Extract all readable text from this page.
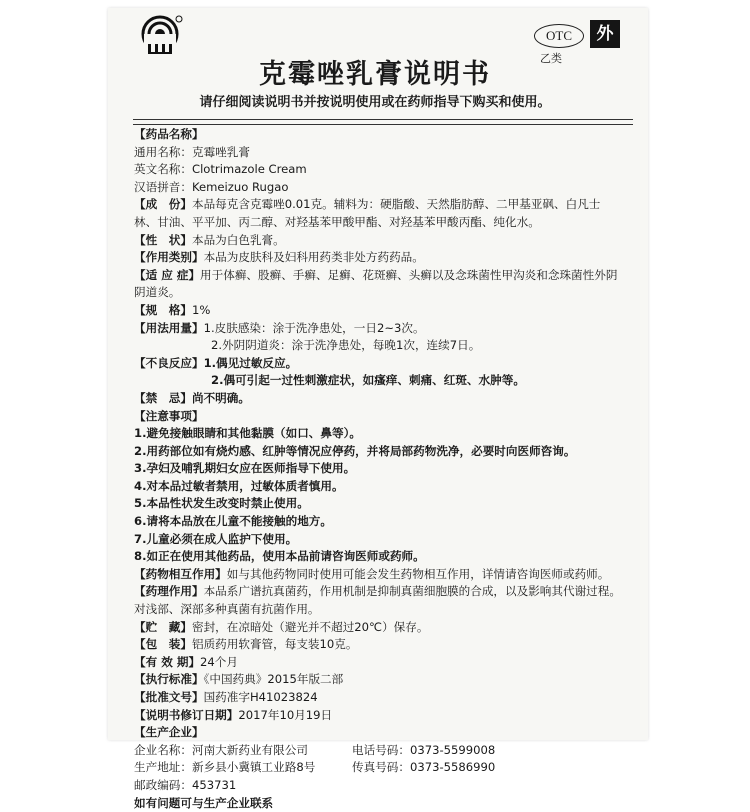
OTC
乙类
外
克霉唑乳膏说明书
请仔细阅读说明书并按说明使用或在药师指导下购买和使用。
【药品名称】
通用名称：克霉唑乳膏
英文名称：Clotrimazole Cream
汉语拼音：Kemeizuo Rugao
【成　份】本品每克含克霉唑0.01克。辅料为：硬脂酸、天然脂肪醇、二甲基亚砜、白凡士
林、甘油、平平加、丙二醇、对羟基苯甲酸甲酯、对羟基苯甲酸丙酯、纯化水。
【性　状】本品为白色乳膏。
【作用类别】本品为皮肤科及妇科用药类非处方药药品。
【适 应 症】用于体癣、股癣、手癣、足癣、花斑癣、头癣以及念珠菌性甲沟炎和念珠菌性外阴
阴道炎。
【规　格】1%
【用法用量】1.皮肤感染：涂于洗净患处，一日2~3次。
2.外阴阴道炎：涂于洗净患处，每晚1次，连续7日。
【不良反应】1.偶见过敏反应。
2.偶可引起一过性刺激症状，如瘙痒、刺痛、红斑、水肿等。
【禁　忌】尚不明确。
【注意事项】
1.避免接触眼睛和其他黏膜（如口、鼻等）。
2.用药部位如有烧灼感、红肿等情况应停药，并将局部药物洗净，必要时向医师咨询。
3.孕妇及哺乳期妇女应在医师指导下使用。
4.对本品过敏者禁用，过敏体质者慎用。
5.本品性状发生改变时禁止使用。
6.请将本品放在儿童不能接触的地方。
7.儿童必须在成人监护下使用。
8.如正在使用其他药品，使用本品前请咨询医师或药师。
【药物相互作用】如与其他药物同时使用可能会发生药物相互作用，详情请咨询医师或药师。
【药理作用】本品系广谱抗真菌药，作用机制是抑制真菌细胞膜的合成，以及影响其代谢过程。
对浅部、深部多种真菌有抗菌作用。
【贮　藏】密封，在凉暗处（避光并不超过20℃）保存。
【包　装】铝质药用软膏管，每支装10克。
【有 效 期】24个月
【执行标准】《中国药典》2015年版二部
【批准文号】国药准字H41023824
【说明书修订日期】2017年10月19日
【生产企业】
企业名称：河南大新药业有限公司	电话号码：0373-5599008
生产地址：新乡县小冀镇工业路8号	传真号码：0373-5586990
邮政编码：453731
如有问题可与生产企业联系
